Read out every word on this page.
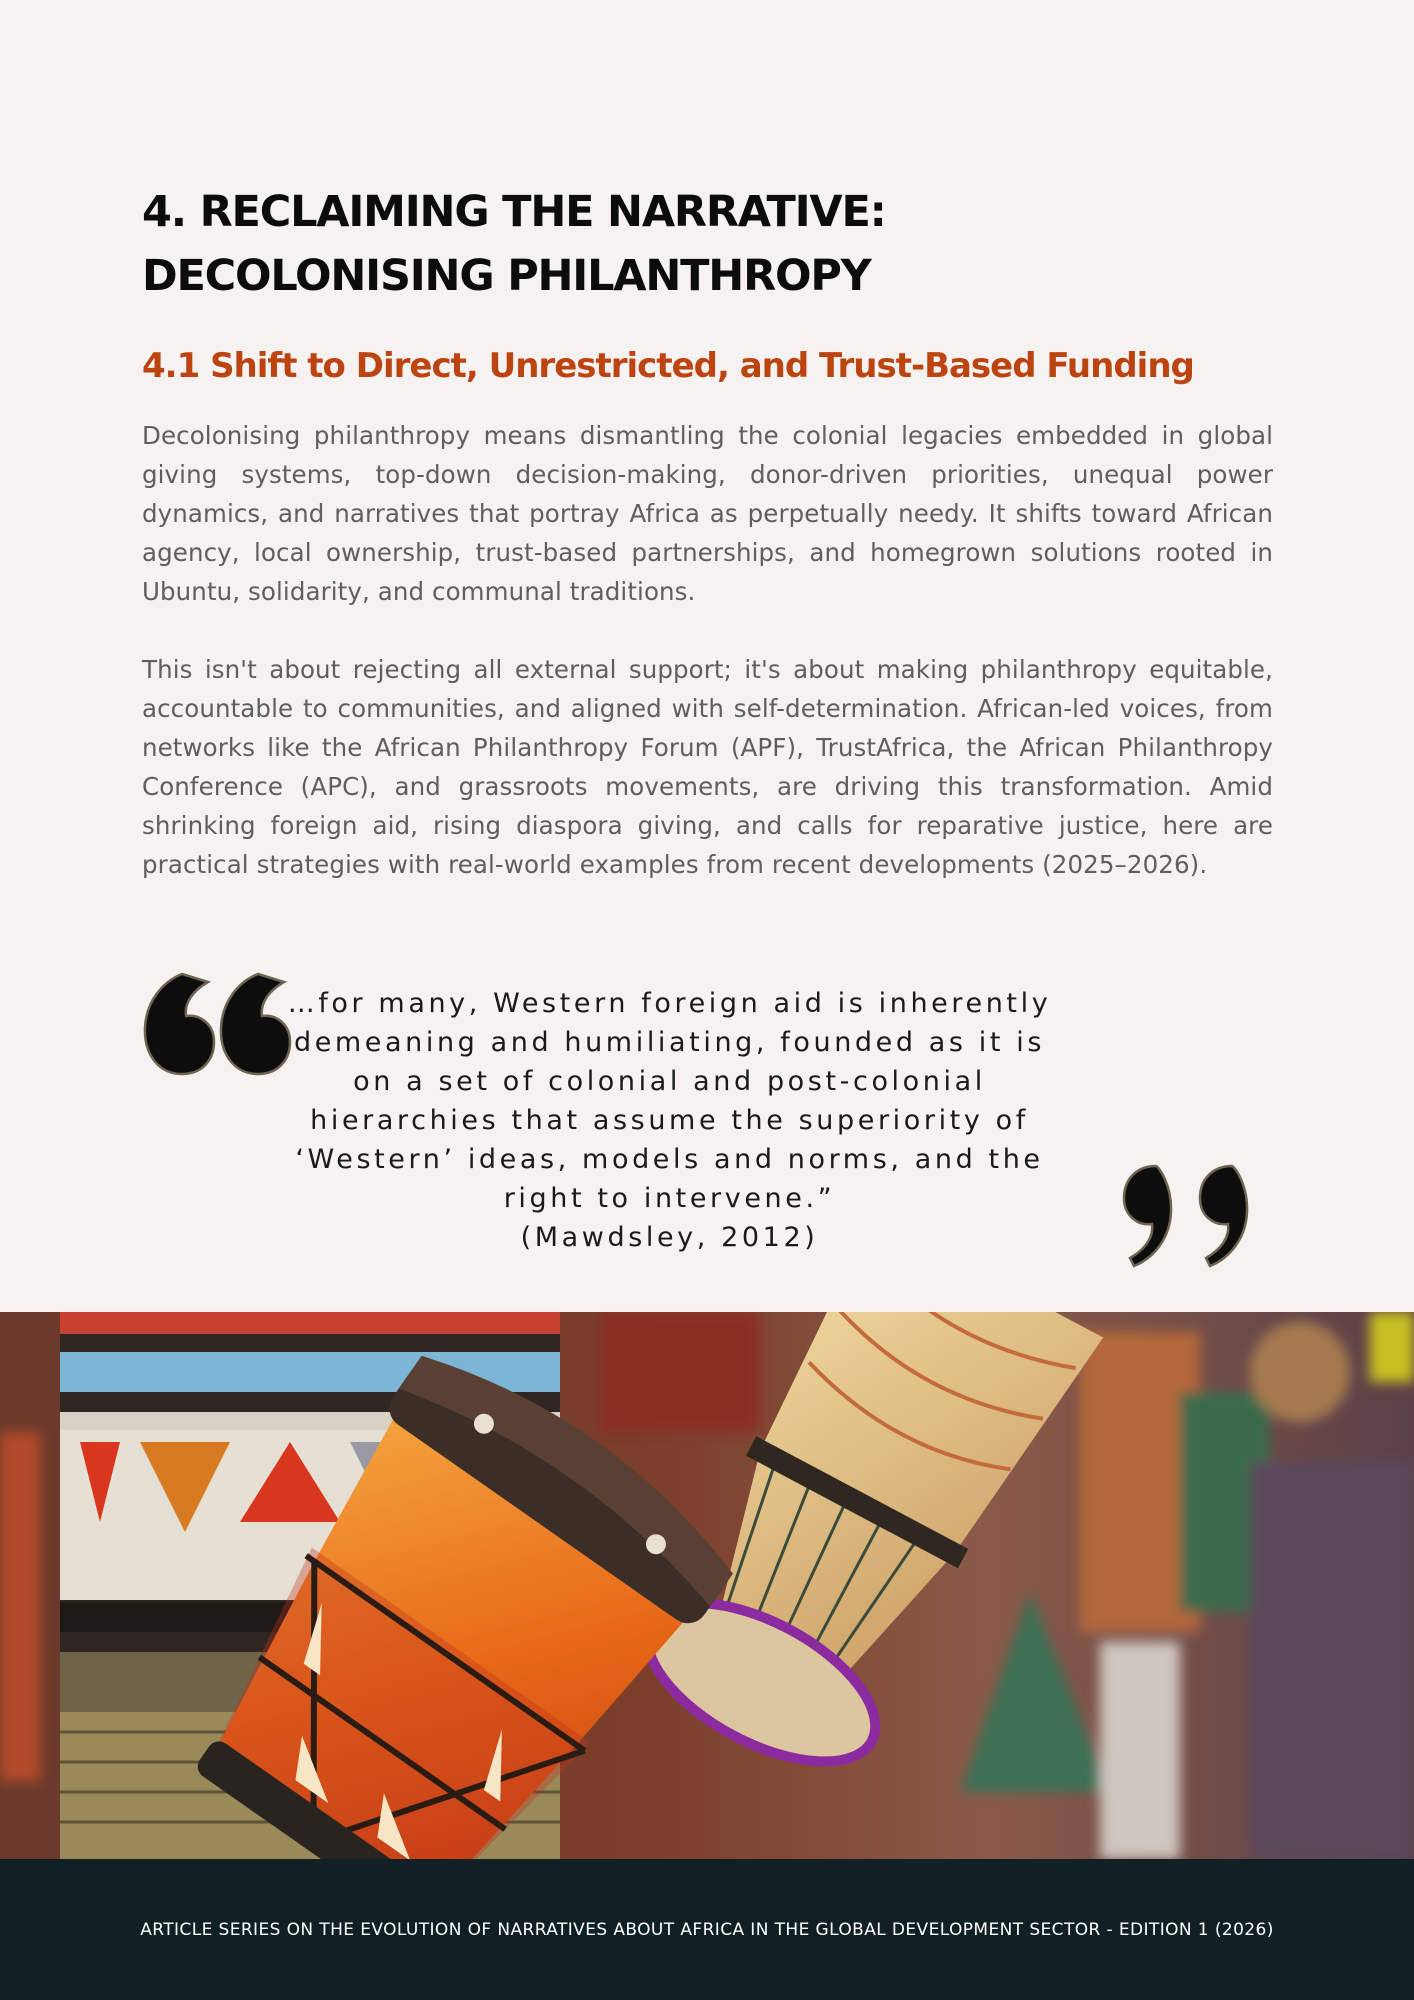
4. RECLAIMING THE NARRATIVE:
DECOLONISING PHILANTHROPY
4.1 Shift to Direct, Unrestricted, and Trust-Based Funding

Decolonising philanthropy means dismantling the colonial legacies embedded in global giving systems, top-down decision-making, donor-driven priorities, unequal power dynamics, and narratives that portray Africa as perpetually needy. It shifts toward African agency, local ownership, trust-based partnerships, and homegrown solutions rooted in Ubuntu, solidarity, and communal traditions.

This isn't about rejecting all external support; it's about making philanthropy equitable, accountable to communities, and aligned with self-determination. African-led voices, from networks like the African Philanthropy Forum (APF), TrustAfrica, the African Philanthropy Conference (APC), and grassroots movements, are driving this transformation. Amid shrinking foreign aid, rising diaspora giving, and calls for reparative justice, here are practical strategies with real-world examples from recent developments (2025–2026).

…for many, Western foreign aid is inherently demeaning and humiliating, founded as it is on a set of colonial and post-colonial hierarchies that assume the superiority of ‘Western’ ideas, models and norms, and the right to intervene.”
(Mawdsley, 2012)
ARTICLE SERIES ON THE EVOLUTION OF NARRATIVES ABOUT AFRICA IN THE GLOBAL DEVELOPMENT SECTOR - EDITION 1 (2026)
